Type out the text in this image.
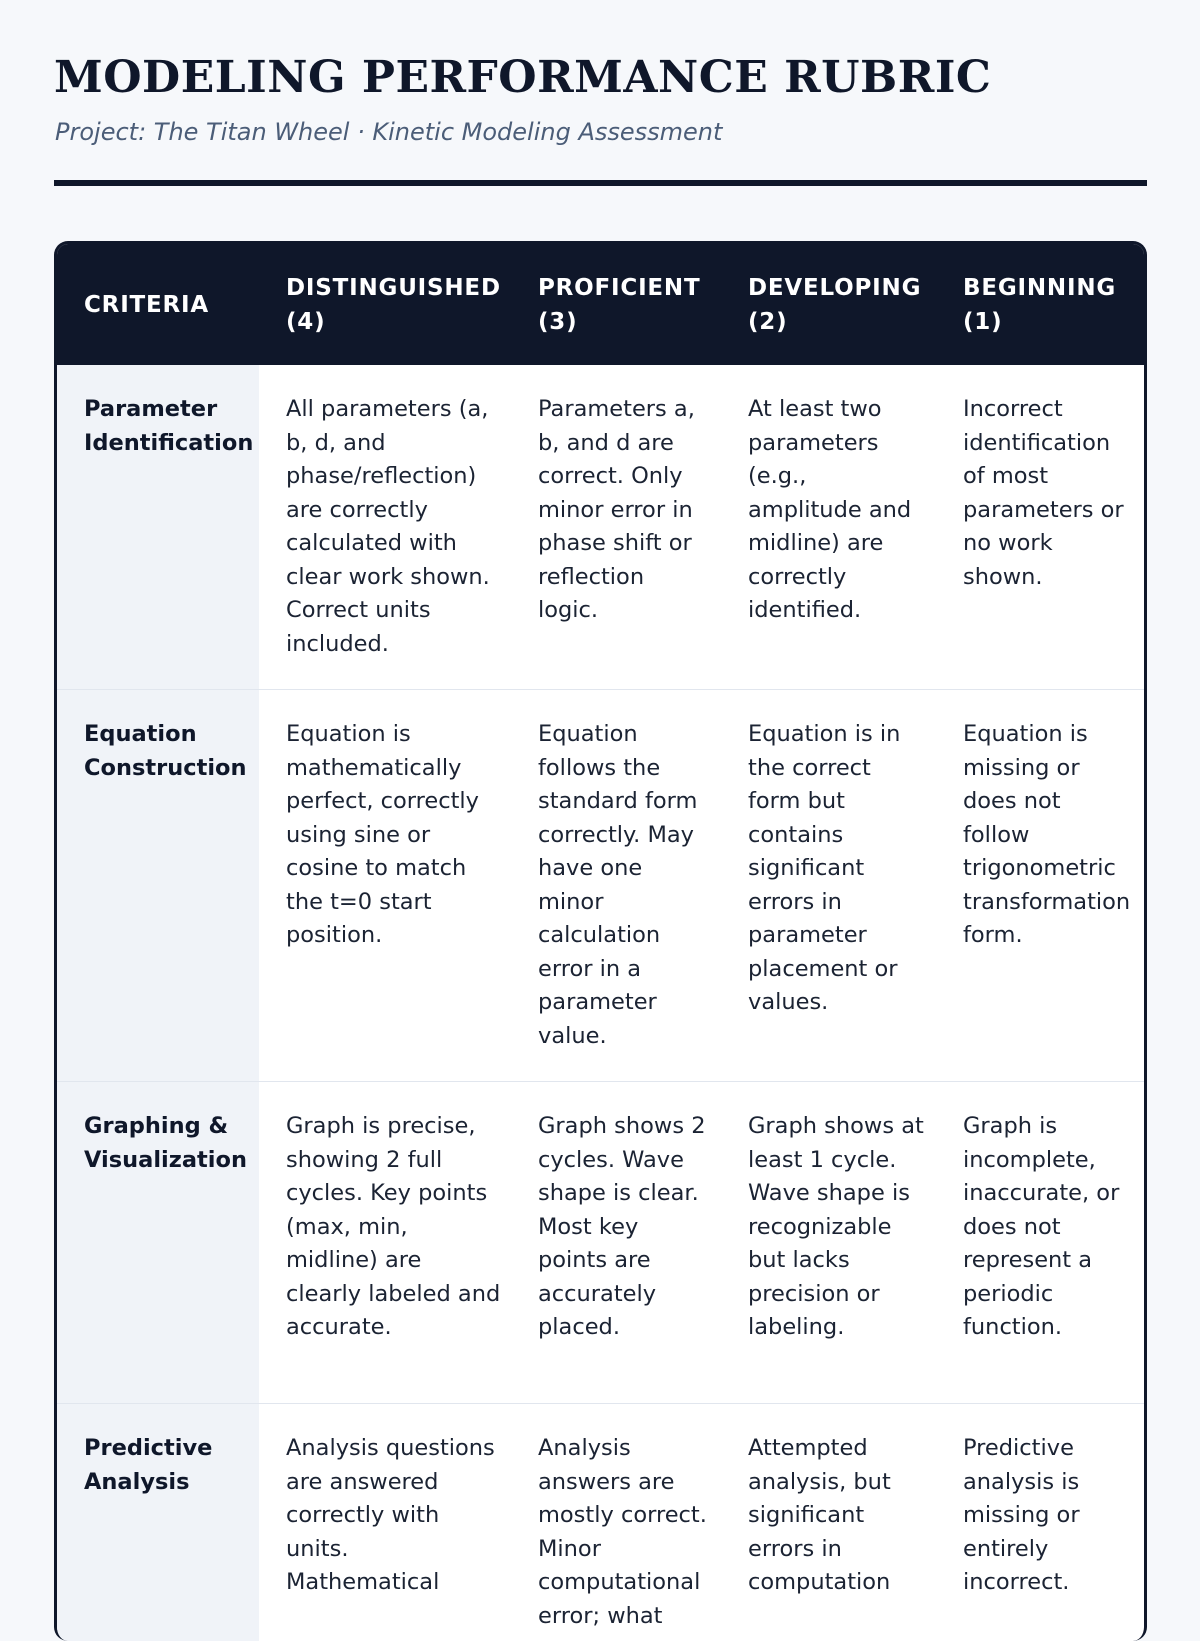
MODELING PERFORMANCE RUBRIC
Project: The Titan Wheel · Kinetic Modeling Assessment
CRITERIA	DISTINGUISHED (4)	PROFICIENT (3)	DEVELOPING (2)	BEGINNING (1)
Parameter Identification	All parameters (a, b, d, and phase/reflection) are correctly calculated with clear work shown. Correct units included.	Parameters a, b, and d are correct. Only minor error in phase shift or reflection logic.	At least two parameters (e.g., amplitude and midline) are correctly identified.	Incorrect identification of most parameters or no work shown.
Equation Construction	Equation is mathematically perfect, correctly using sine or cosine to match the t=0 start position.	Equation follows the standard form correctly. May have one minor calculation error in a parameter value.	Equation is in the correct form but contains significant errors in parameter placement or values.	Equation is missing or does not follow trigonometric transformation form.
Graphing & Visualization	Graph is precise, showing 2 full cycles. Key points (max, min, midline) are clearly labeled and accurate.	Graph shows 2 cycles. Wave shape is clear. Most key points are accurately placed.	Graph shows at least 1 cycle. Wave shape is recognizable but lacks precision or labeling.	Graph is incomplete, inaccurate, or does not represent a periodic function.
Predictive Analysis	Analysis questions are answered correctly with units. Mathematical	Analysis answers are mostly correct. Minor computational error; what	Attempted analysis, but significant errors in computation	Predictive analysis is missing or entirely incorrect.
